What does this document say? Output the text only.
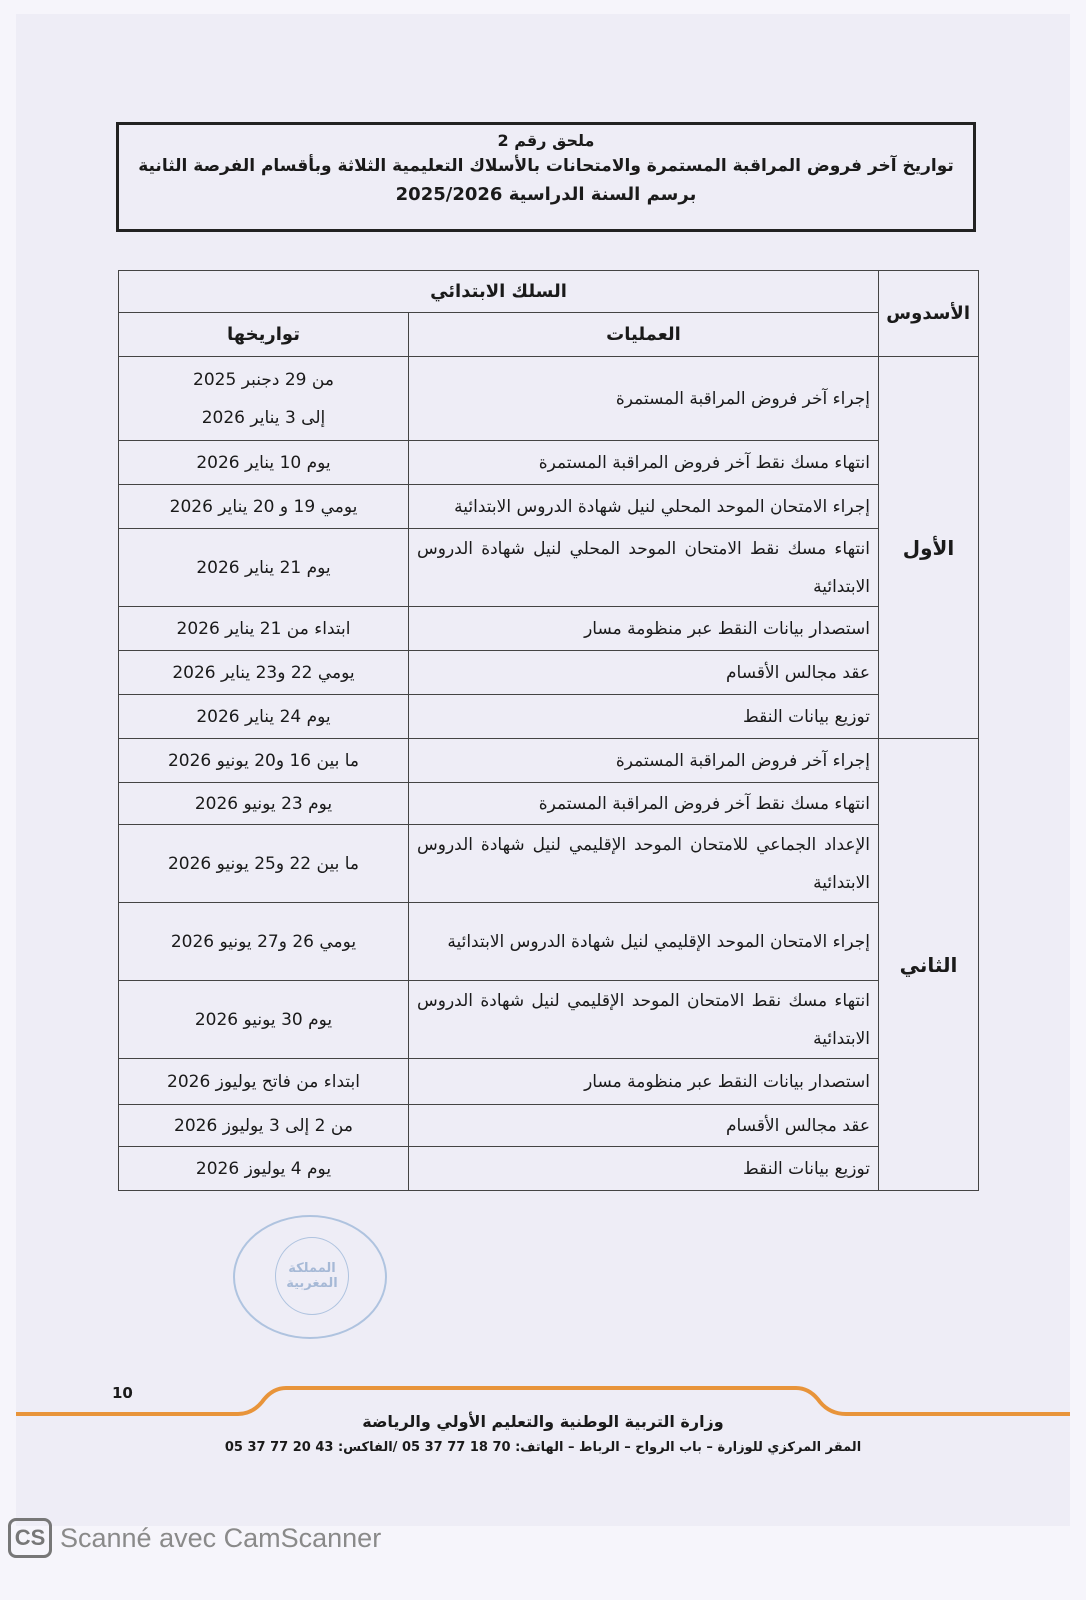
ملحق رقم 2
تواريخ آخر فروض المراقبة المستمرة والامتحانات بالأسلاك التعليمية الثلاثة وبأقسام الفرصة الثانية
برسم السنة الدراسية 2025/2026
الأسدوس	السلك الابتدائي	
	العمليات	تواريخها
الأول	إجراء آخر فروض المراقبة المستمرة	من 29 دجنبر 2025
إلى 3 يناير 2026

	انتهاء مسك نقط آخر فروض المراقبة المستمرة	يوم 10 يناير 2026
	إجراء الامتحان الموحد المحلي لنيل شهادة الدروس الابتدائية	يومي 19 و 20 يناير 2026
	انتهاء مسك نقط الامتحان الموحد المحلي لنيل شهادة الدروس الابتدائية	يوم 21 يناير 2026
	استصدار بيانات النقط عبر منظومة مسار	ابتداء من 21 يناير 2026
	عقد مجالس الأقسام	يومي 22 و23 يناير 2026
	توزيع بيانات النقط	يوم 24 يناير 2026
الثاني	إجراء آخر فروض المراقبة المستمرة	ما بين 16 و20 يونيو 2026
	انتهاء مسك نقط آخر فروض المراقبة المستمرة	يوم 23 يونيو 2026
	الإعداد الجماعي للامتحان الموحد الإقليمي لنيل شهادة الدروس الابتدائية	ما بين 22 و25 يونيو 2026
	إجراء الامتحان الموحد الإقليمي لنيل شهادة الدروس الابتدائية	يومي 26 و27 يونيو 2026
	انتهاء مسك نقط الامتحان الموحد الإقليمي لنيل شهادة الدروس الابتدائية	يوم 30 يونيو 2026
	استصدار بيانات النقط عبر منظومة مسار	ابتداء من فاتح يوليوز 2026
	عقد مجالس الأقسام	من 2 إلى 3 يوليوز 2026
	توزيع بيانات النقط	يوم 4 يوليوز 2026
المملكة
المغربية
10
وزارة التربية الوطنية والتعليم الأولي والرياضة
المقر المركزي للوزارة – باب الرواح – الرباط – الهاتف: 70 18 77 37 05 /الفاكس: 43 20 77 37 05
CS Scanné avec CamScanner
